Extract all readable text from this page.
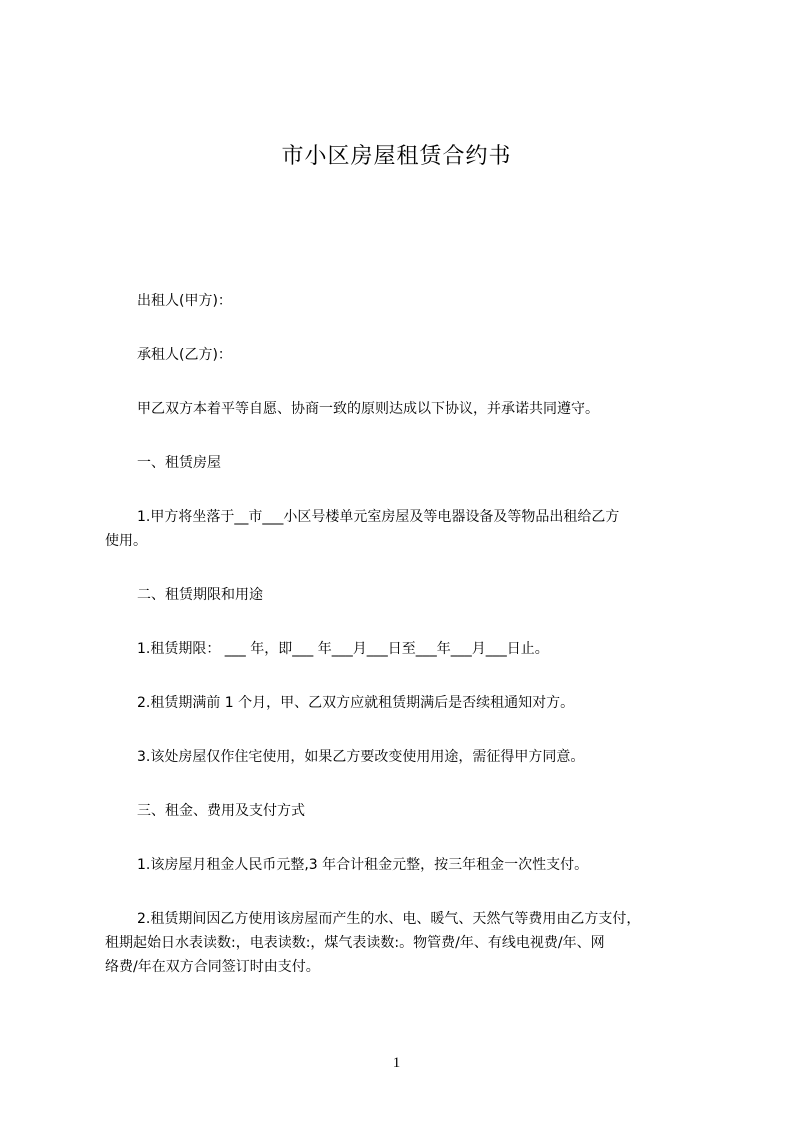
市小区房屋租赁合约书
出租人(甲方)：
承租人(乙方)：
甲乙双方本着平等自愿、协商一致的原则达成以下协议，并承诺共同遵守。
一、租赁房屋
1.甲方将坐落于__市___小区号楼单元室房屋及等电器设备及等物品出租给乙方
使用。
二、租赁期限和用途
1.租赁期限： ___ 年，即___ 年___月___日至___年___月___日止。
2.租赁期满前 1 个月，甲、乙双方应就租赁期满后是否续租通知对方。
3.该处房屋仅作住宅使用，如果乙方要改变使用用途，需征得甲方同意。
三、租金、费用及支付方式
1.该房屋月租金人民币元整,3 年合计租金元整，按三年租金一次性支付。
2.租赁期间因乙方使用该房屋而产生的水、电、暖气、天然气等费用由乙方支付，
租期起始日水表读数:，电表读数:，煤气表读数:。物管费/年、有线电视费/年、网
络费/年在双方合同签订时由支付。
1
